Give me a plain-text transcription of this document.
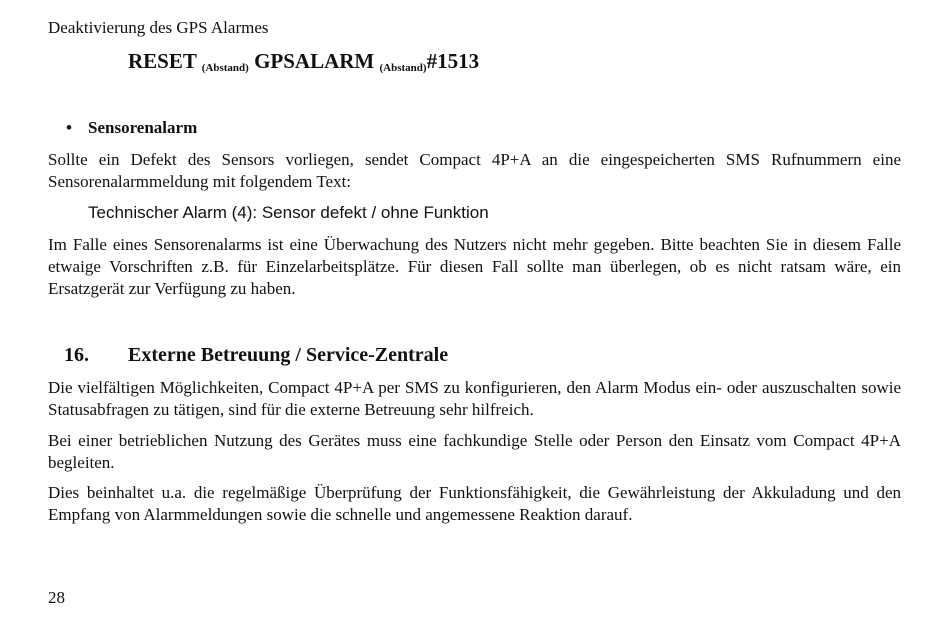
Deaktivierung des GPS Alarmes

RESET (Abstand) GPSALARM (Abstand)#1513

• Sensorenalarm

Sollte ein Defekt des Sensors vorliegen, sendet Compact 4P+A an die eingespeicherten SMS Rufnummern eine Sensorenalarmmeldung mit folgendem Text:

Technischer Alarm (4): Sensor defekt / ohne Funktion

Im Falle eines Sensorenalarms ist eine Überwachung des Nutzers nicht mehr gegeben. Bitte beachten Sie in diesem Falle etwaige Vorschriften z.B. für Einzelarbeitsplätze. Für diesen Fall sollte man überlegen, ob es nicht ratsam wäre, ein Ersatzgerät zur Verfügung zu haben.

16. Externe Betreuung / Service-Zentrale

Die vielfältigen Möglichkeiten, Compact 4P+A per SMS zu konfigurieren, den Alarm Modus ein- oder auszuschalten sowie Statusabfragen zu tätigen, sind für die externe Betreuung sehr hilfreich.

Bei einer betrieblichen Nutzung des Gerätes muss eine fachkundige Stelle oder Person den Einsatz vom Compact 4P+A begleiten.

Dies beinhaltet u.a. die regelmäßige Überprüfung der Funktionsfähigkeit, die Gewährleistung der Akkuladung und den Empfang von Alarmmeldungen sowie die schnelle und angemessene Reaktion darauf.

28
